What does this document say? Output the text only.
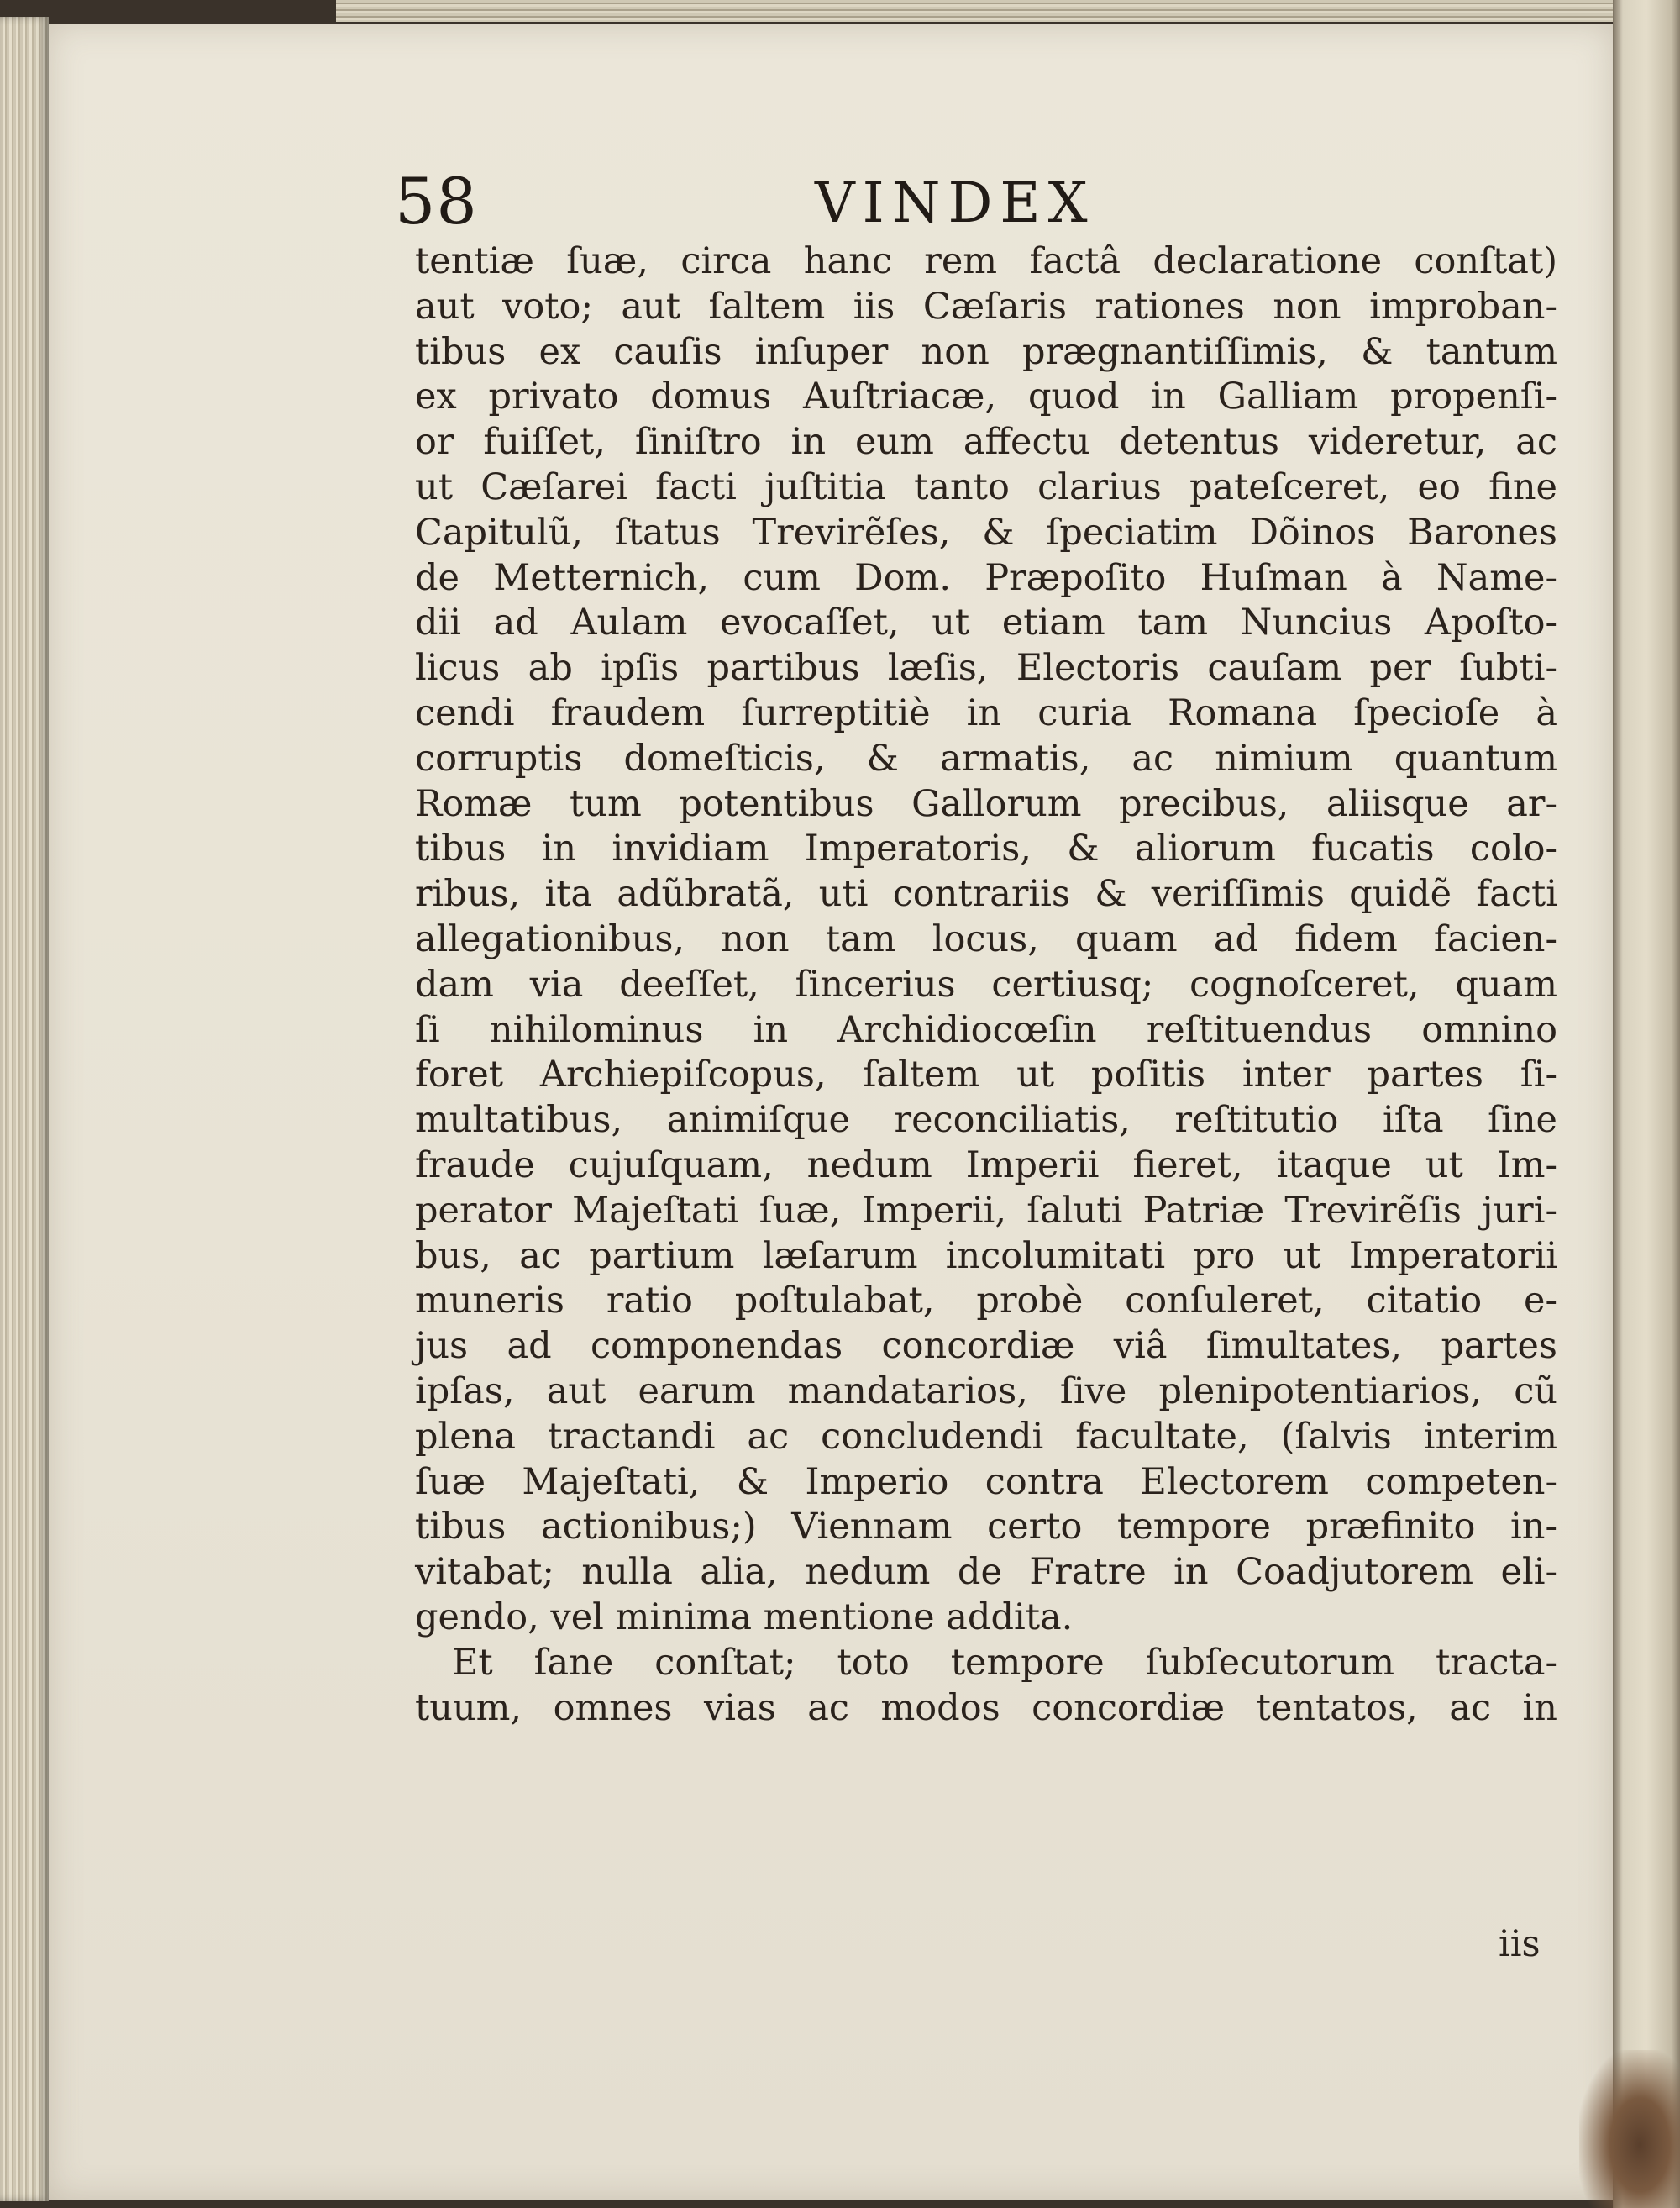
58	VINDEX
tentiæ ſuæ, circa hanc rem factâ declaratione conſtat)
aut voto; aut ſaltem iis Cæſaris rationes non improban-
tibus ex cauſis inſuper non prægnantiſſimis, & tantum
ex privato domus Auſtriacæ, quod in Galliam propenſi-
or fuiſſet, ſiniſtro in eum affectu detentus videretur, ac
ut Cæſarei facti juſtitia tanto clarius pateſceret, eo fine
Capitulũ, ſtatus Trevirẽſes, & ſpeciatim Dõinos Barones
de Metternich, cum Dom. Præpoſito Huſman à Name-
dii ad Aulam evocaſſet, ut etiam tam Nuncius Apoſto-
licus ab ipſis partibus læſis, Electoris cauſam per ſubti-
cendi fraudem ſurreptitiè in curia Romana ſpecioſe à
corruptis domeſticis, & armatis, ac nimium quantum
Romæ tum potentibus Gallorum precibus, aliisque ar-
tibus in invidiam Imperatoris, & aliorum fucatis colo-
ribus, ita adũbratã, uti contrariis & veriſſimis quidẽ facti
allegationibus, non tam locus, quam ad fidem facien-
dam via deeſſet, ſincerius certiusq; cognoſceret, quam
ſi nihilominus in Archidiocœſin reſtituendus omnino
foret Archiepiſcopus, ſaltem ut poſitis inter partes ſi-
multatibus, animiſque reconciliatis, reſtitutio iſta ſine
fraude cujuſquam, nedum Imperii fieret, itaque ut Im-
perator Majeſtati ſuæ, Imperii, ſaluti Patriæ Trevirẽſis juri-
bus, ac partium læſarum incolumitati pro ut Imperatorii
muneris ratio poſtulabat, probè conſuleret, citatio e-
jus ad componendas concordiæ viâ ſimultates, partes
ipſas, aut earum mandatarios, ſive plenipotentiarios, cũ
plena tractandi ac concludendi facultate, (ſalvis interim
ſuæ Majeſtati, & Imperio contra Electorem competen-
tibus actionibus;) Viennam certo tempore præfinito in-
vitabat; nulla alia, nedum de Fratre in Coadjutorem eli-
gendo, vel minima mentione addita.
Et ſane conſtat; toto tempore ſubſecutorum tracta-
tuum, omnes vias ac modos concordiæ tentatos, ac in
iis
